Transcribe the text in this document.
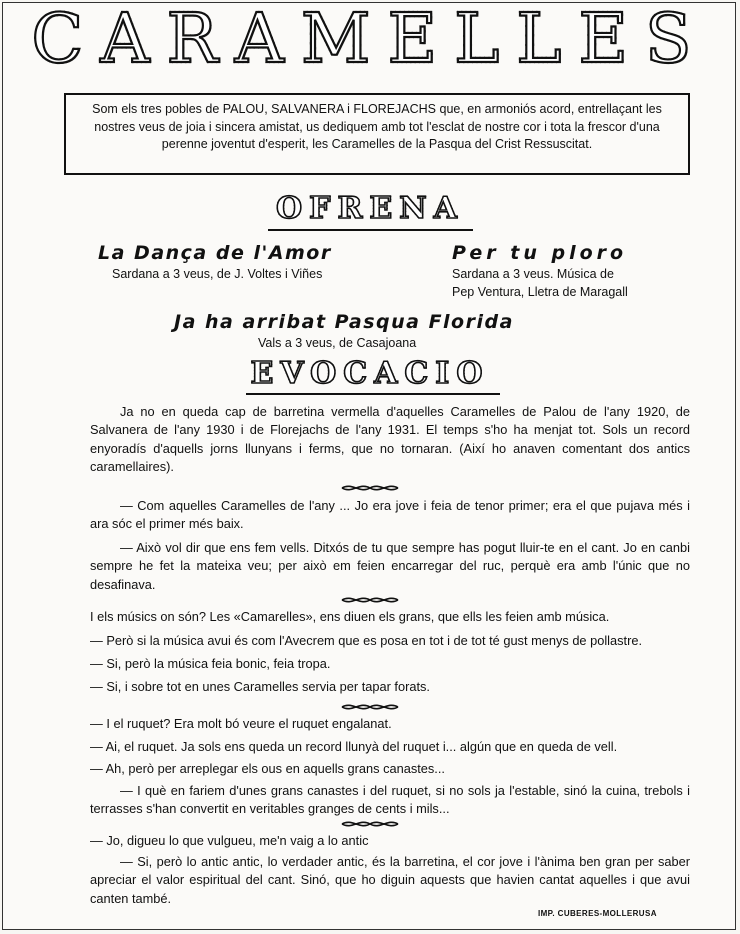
CARAMELLES
Som els tres pobles de PALOU, SALVANERA i FLOREJACHS que, en armoniós acord, entrellaçant les nostres veus de joia i sincera amistat, us dediquem amb tot l'esclat de nostre cor i tota la frescor d'una perenne joventut d'esperit, les Caramelles de la Pasqua del Crist Ressuscitat.
OFRENA
La Dança de l'Amor
Sardana a 3 veus, de J. Voltes i Viñes
Per tu ploro
Sardana a 3 veus. Música de
Pep Ventura, Lletra de Maragall
Ja ha arribat Pasqua Florida
Vals a 3 veus, de Casajoana
EVOCACIO

Ja no en queda cap de barretina vermella d'aquelles Caramelles de Palou de l'any 1920, de Salvanera de l'any 1930 i de Florejachs de l'any 1931. El temps s'ho ha menjat tot. Sols un record enyoradís d'aquells jorns llunyans i ferms, que no tornaran. (Així ho anaven comentant dos antics caramellaires).

— Com aquelles Caramelles de l'any ... Jo era jove i feia de tenor primer; era el que pujava més i ara sóc el primer més baix.

— Això vol dir que ens fem vells. Ditxós de tu que sempre has pogut lluir-te en el cant. Jo en canbi sempre he fet la mateixa veu; per això em feien encarregar del ruc, perquè era amb l'únic que no desafinava.

I els músics on són? Les «Camarelles», ens diuen els grans, que ells les feien amb música.
— Però si la música avui és com l'Avecrem que es posa en tot i de tot té gust menys de pollastre.
— Si, però la música feia bonic, feia tropa.
— Si, i sobre tot en unes Caramelles servia per tapar forats.
— I el ruquet? Era molt bó veure el ruquet engalanat.
— Ai, el ruquet. Ja sols ens queda un record llunyà del ruquet i... algún que en queda de vell.
— Ah, però per arreplegar els ous en aquells grans canastes...

— I què en fariem d'unes grans canastes i del ruquet, si no sols ja l'estable, sinó la cuina, trebols i terrasses s'han convertit en veritables granges de cents i mils...

— Jo, digueu lo que vulgueu, me'n vaig a lo antic

— Si, però lo antic antic, lo verdader antic, és la barretina, el cor jove i l'ànima ben gran per saber apreciar el valor espiritual del cant. Sinó, que ho diguin aquests que havien cantat aquelles i que avui canten també.

IMP. CUBERES-MOLLERUSA
